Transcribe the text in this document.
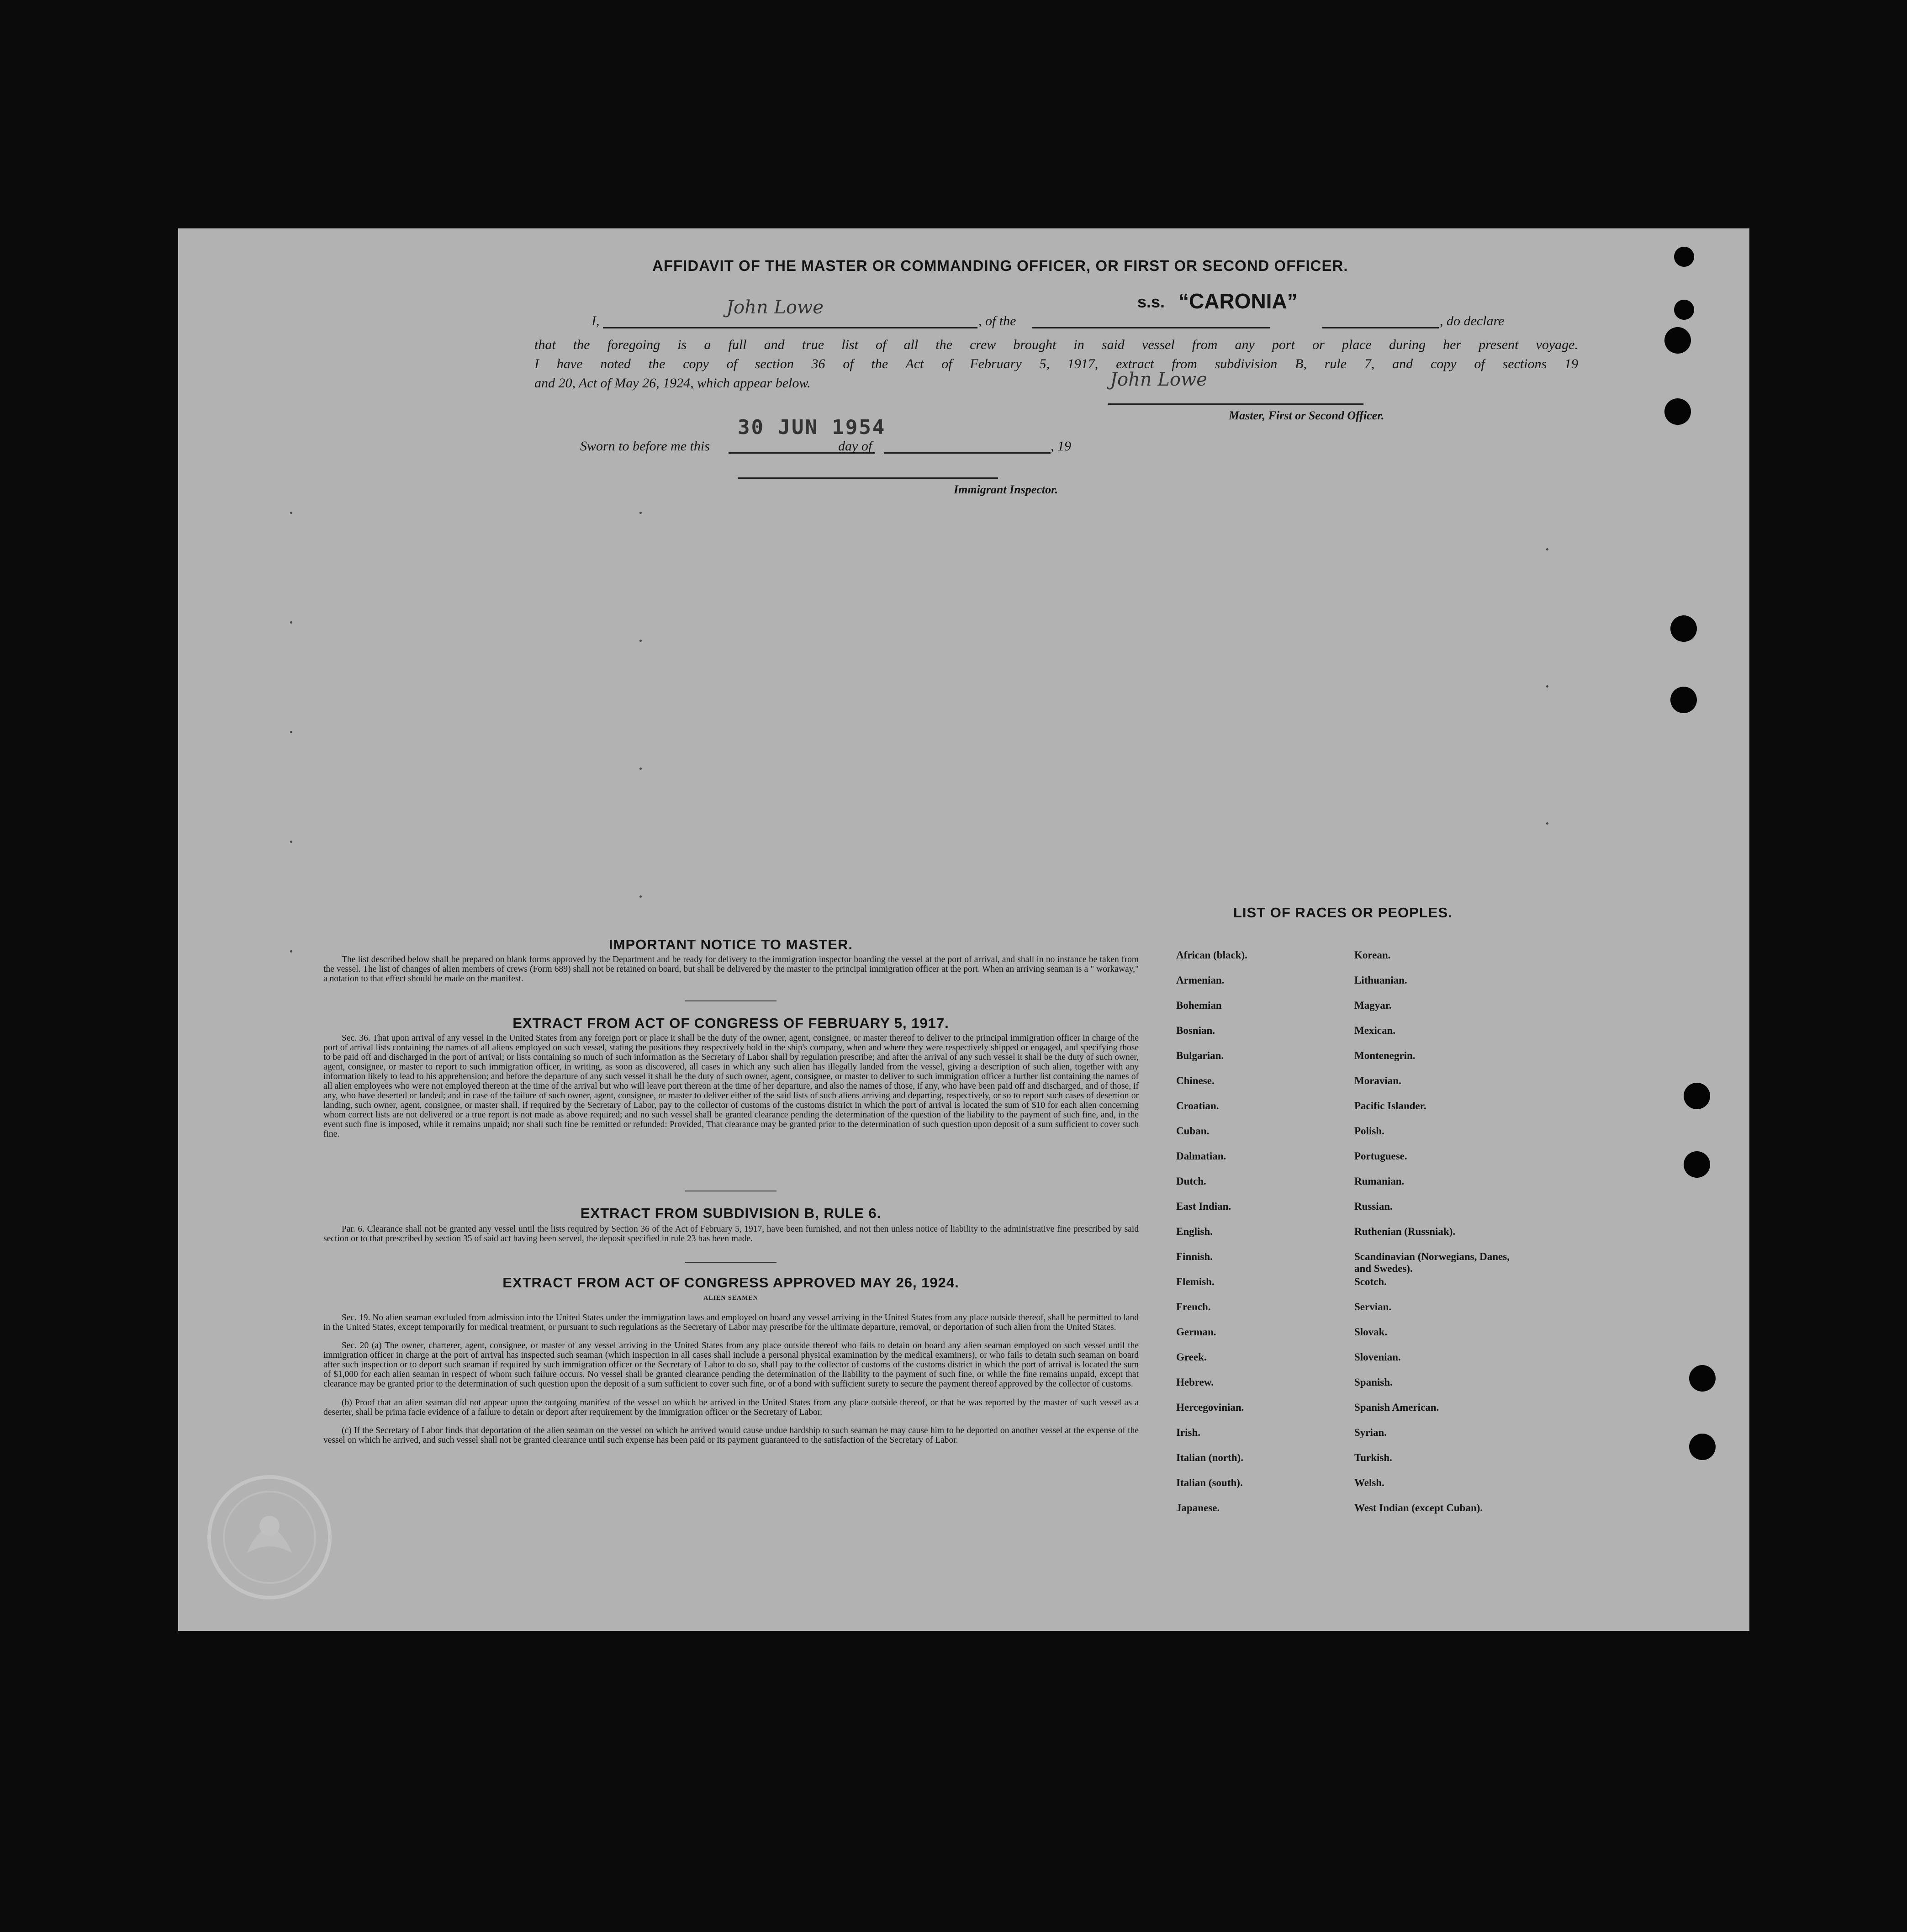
AFFIDAVIT OF THE MASTER OR COMMANDING OFFICER, OR FIRST OR SECOND OFFICER.
I,
John Lowe
, of the
s.s. “CARONIA”
, do declare
that the foregoing is a full and true list of all the crew brought in said vessel from any port or place during her present voyage.
I have noted the copy of section 36 of the Act of February 5, 1917, extract from subdivision B, rule 7, and copy of sections 19
and 20, Act of May 26, 1924, which appear below.	John Lowe
Master, First or Second Officer.
Sworn to before me this
30 JUN 1954
day of	, 19
Immigrant Inspector.
IMPORTANT NOTICE TO MASTER.
The list described below shall be prepared on blank forms approved by the Department and be ready for delivery to the immigration inspector boarding the vessel at the port of arrival, and shall in no instance be taken from the vessel. The list of changes of alien members of crews (Form 689) shall not be retained on board, but shall be delivered by the master to the principal immigration officer at the port. When an arriving seaman is a " workaway," a notation to that effect should be made on the manifest.
EXTRACT FROM ACT OF CONGRESS OF FEBRUARY 5, 1917.
Sec. 36. That upon arrival of any vessel in the United States from any foreign port or place it shall be the duty of the owner, agent, consignee, or master thereof to deliver to the principal immigration officer in charge of the port of arrival lists containing the names of all aliens employed on such vessel, stating the positions they respectively hold in the ship's company, when and where they were respectively shipped or engaged, and specifying those to be paid off and discharged in the port of arrival; or lists containing so much of such information as the Secretary of Labor shall by regulation prescribe; and after the arrival of any such vessel it shall be the duty of such owner, agent, consignee, or master to report to such immigration officer, in writing, as soon as discovered, all cases in which any such alien has illegally landed from the vessel, giving a description of such alien, together with any information likely to lead to his apprehension; and before the departure of any such vessel it shall be the duty of such owner, agent, consignee, or master to deliver to such immigration officer a further list containing the names of all alien employees who were not employed thereon at the time of the arrival but who will leave port thereon at the time of her departure, and also the names of those, if any, who have been paid off and discharged, and of those, if any, who have deserted or landed; and in case of the failure of such owner, agent, consignee, or master to deliver either of the said lists of such aliens arriving and departing, respectively, or so to report such cases of desertion or landing, such owner, agent, consignee, or master shall, if required by the Secretary of Labor, pay to the collector of customs of the customs district in which the port of arrival is located the sum of $10 for each alien concerning whom correct lists are not delivered or a true report is not made as above required; and no such vessel shall be granted clearance pending the determination of the question of the liability to the payment of such fine, and, in the event such fine is imposed, while it remains unpaid; nor shall such fine be remitted or refunded: Provided, That clearance may be granted prior to the determination of such question upon deposit of a sum sufficient to cover such fine.
EXTRACT FROM SUBDIVISION B, RULE 6.
Par. 6. Clearance shall not be granted any vessel until the lists required by Section 36 of the Act of February 5, 1917, have been furnished, and not then unless notice of liability to the administrative fine prescribed by said section or to that prescribed by section 35 of said act having been served, the deposit specified in rule 23 has been made.
EXTRACT FROM ACT OF CONGRESS APPROVED MAY 26, 1924.
ALIEN SEAMEN

Sec. 19. No alien seaman excluded from admission into the United States under the immigration laws and employed on board any vessel arriving in the United States from any place outside thereof, shall be permitted to land in the United States, except temporarily for medical treatment, or pursuant to such regulations as the Secretary of Labor may prescribe for the ultimate departure, removal, or deportation of such alien from the United States.

Sec. 20 (a) The owner, charterer, agent, consignee, or master of any vessel arriving in the United States from any place outside thereof who fails to detain on board any alien seaman employed on such vessel until the immigration officer in charge at the port of arrival has inspected such seaman (which inspection in all cases shall include a personal physical examination by the medical examiners), or who fails to detain such seaman on board after such inspection or to deport such seaman if required by such immigration officer or the Secretary of Labor to do so, shall pay to the collector of customs of the customs district in which the port of arrival is located the sum of $1,000 for each alien seaman in respect of whom such failure occurs. No vessel shall be granted clearance pending the determination of the liability to the payment of such fine, or while the fine remains unpaid, except that clearance may be granted prior to the determination of such question upon the deposit of a sum sufficient to cover such fine, or of a bond with sufficient surety to secure the payment thereof approved by the collector of customs.

(b) Proof that an alien seaman did not appear upon the outgoing manifest of the vessel on which he arrived in the United States from any place outside thereof, or that he was reported by the master of such vessel as a deserter, shall be prima facie evidence of a failure to detain or deport after requirement by the immigration officer or the Secretary of Labor.

(c) If the Secretary of Labor finds that deportation of the alien seaman on the vessel on which he arrived would cause undue hardship to such seaman he may cause him to be deported on another vessel at the expense of the vessel on which he arrived, and such vessel shall not be granted clearance until such expense has been paid or its payment guaranteed to the satisfaction of the Secretary of Labor.

LIST OF RACES OR PEOPLES.
African (black).
Armenian.
Bohemian
Bosnian.
Bulgarian.
Chinese.
Croatian.
Cuban.
Dalmatian.
Dutch.
East Indian.
English.
Finnish.
Flemish.
French.
German.
Greek.
Hebrew.
Hercegovinian.
Irish.
Italian (north).
Italian (south).
Japanese.
Korean.
Lithuanian.
Magyar.
Mexican.
Montenegrin.
Moravian.
Pacific Islander.
Polish.
Portuguese.
Rumanian.
Russian.
Ruthenian (Russniak).
Scandinavian (Norwegians, Danes, and Swedes).
Scotch.
Servian.
Slovak.
Slovenian.
Spanish.
Spanish American.
Syrian.
Turkish.
Welsh.
West Indian (except Cuban).
